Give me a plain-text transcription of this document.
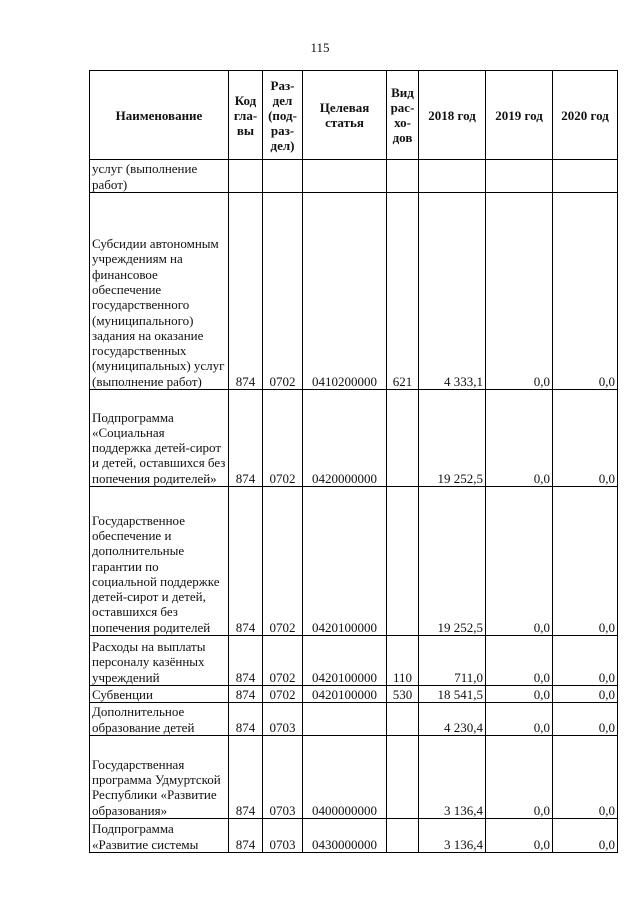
115
Наименование	Код гла- вы	Раз- дел (под- раз- дел)	Целевая статья	Вид рас- хо- дов	2018 год	2019 год	2020 год
услуг (выполнение работ)							
Субсидии автономным учреждениям на финансовое обеспечение государственного (муниципального) задания на оказание государственных (муниципальных) услуг (выполнение работ)	874	0702	0410200000	621	4 333,1	0,0	0,0
Подпрограмма «Социальная поддержка детей-сирот и детей, оставшихся без попечения родителей»	874	0702	0420000000		19 252,5	0,0	0,0
Государственное обеспечение и дополнительные гарантии по социальной поддержке детей-сирот и детей, оставшихся без попечения родителей	874	0702	0420100000		19 252,5	0,0	0,0
Расходы на выплаты персоналу казённых учреждений	874	0702	0420100000	110	711,0	0,0	0,0
Субвенции	874	0702	0420100000	530	18 541,5	0,0	0,0
Дополнительное образование детей	874	0703			4 230,4	0,0	0,0
Государственная программа Удмуртской Республики «Развитие образования»	874	0703	0400000000		3 136,4	0,0	0,0
Подпрограмма «Развитие системы	874	0703	0430000000		3 136,4	0,0	0,0
